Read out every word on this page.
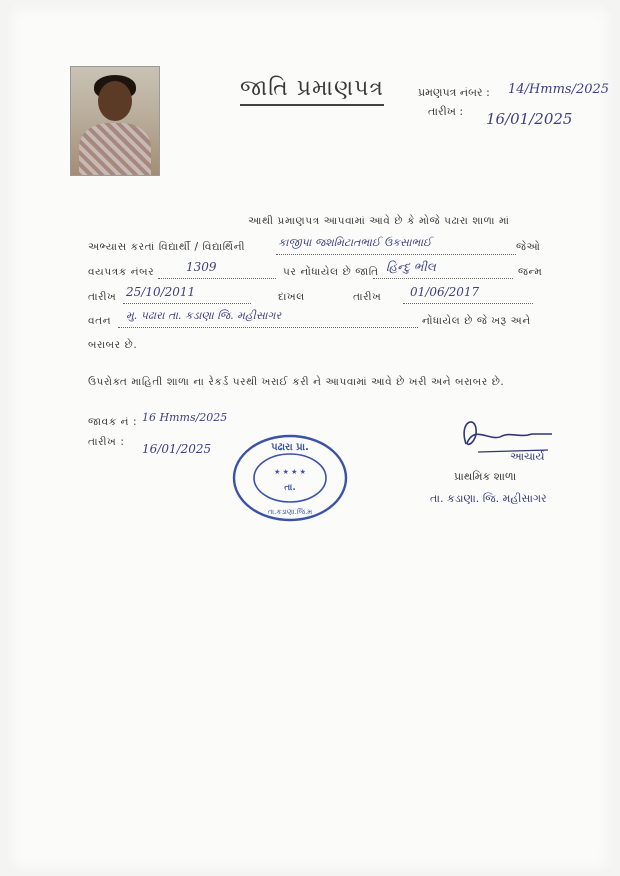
જાતિ પ્રમાણપત્ર	પ્રમણપત્ર નંબર : 14/Hmms/2025
તારીખ : 16/01/2025
આથી પ્રમાણપત્ર આપવામાં આવે છે કે મોજે પઢારા શાળા માં
અભ્યાસ કરતાં વિદ્યાર્થી / વિદ્યાર્થિની	કાજીપા જશમિટાતભાઈ ઉકસાભાઈ	જેઓ
વયપત્રક નંબર	1309	પર નોંધાયેલ છે જાતિ હિન્દુ ભીલ	જન્મ
તારીખ 25/10/2011	દાખલ	તારીખ 01/06/2017
વતન મુ. પઢારા તા. કડાણા જિ. મહીસાગર	નોંધાયેલ છે જે ખરૂ અને
બરાબર છે.
ઉપરોક્ત માહિતી શાળા ના રેકર્ડ પરથી ખરાઈ કરી ને આપવામાં આવે છે ખરી અને બરાબર છે.
જાવક નં : 16 Hmms/2025
તારીખ : 16/01/2025	પઢારા પ્રા.
★ ★ ★ ★
તા.
તા.કડાણા.જિ.મ
આચાર્ય
પ્રાથમિક શાળા
તા. કડાણા. જિ. મહીસાગર
